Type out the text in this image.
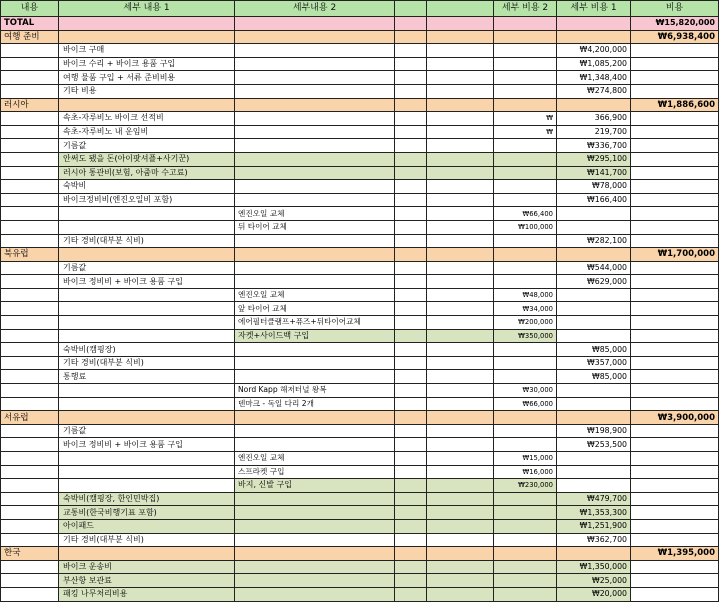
내용	세부 내용 1	세부내용 2			세부 비용 2	세부 비용 1	비용
TOTAL							₩15,820,000
여행 준비							₩6,938,400
	바이크 구매					₩4,200,000	
	바이크 수리 + 바이크 용품 구입					₩1,085,200	
	여행 물품 구입 + 서류 준비비용					₩1,348,400	
	기타 비용					₩274,800	
러시아							₩1,886,600
	속초-자루비노 바이크 선적비				₩	366,900	
	속초-자루비노 내 운임비				₩	219,700	
	기름값					₩336,700	
	안써도 됐을 돈(아이팟셔플+사기꾼)					₩295,100	
	러시아 통관비(보험, 아줌마 수고료)					₩141,700	
	숙박비					₩78,000	
	바이크정비비(엔진오일비 포함)					₩166,400	
		엔진오일 교체			₩66,400		
		뒤 타이어 교체			₩100,000		
	기타 경비(대부분 식비)					₩282,100	
북유럽							₩1,700,000
	기름값					₩544,000	
	바이크 정비비 + 바이크 용품 구입					₩629,000	
		엔진오일 교체			₩48,000		
		앞 타이어 교체			₩34,000		
		에어필터클램프+퓨즈+뒤타이어교체			₩200,000		
		자켓+사이드백 구입			₩350,000		
	숙박비(캠핑장)					₩85,000	
	기타 경비(대부분 식비)					₩357,000	
	통행료					₩85,000	
		Nord Kapp 해저터널 왕복			₩30,000		
		덴마크 - 독일 다리 2개			₩66,000		
서유럽							₩3,900,000
	기름값					₩198,900	
	바이크 정비비 + 바이크 용품 구입					₩253,500	
		엔진오일 교체			₩15,000		
		스프라켓 구입			₩16,000		
		바지, 신발 구입			₩230,000		
	숙박비(캠핑장, 한인민박집)					₩479,700	
	교통비(한국비행기표 포함)					₩1,353,300	
	아이패드					₩1,251,900	
	기타 경비(대부분 식비)					₩362,700	
한국							₩1,395,000
	바이크 운송비					₩1,350,000	
	부산항 보관료					₩25,000	
	패킹 나무처리비용					₩20,000	
